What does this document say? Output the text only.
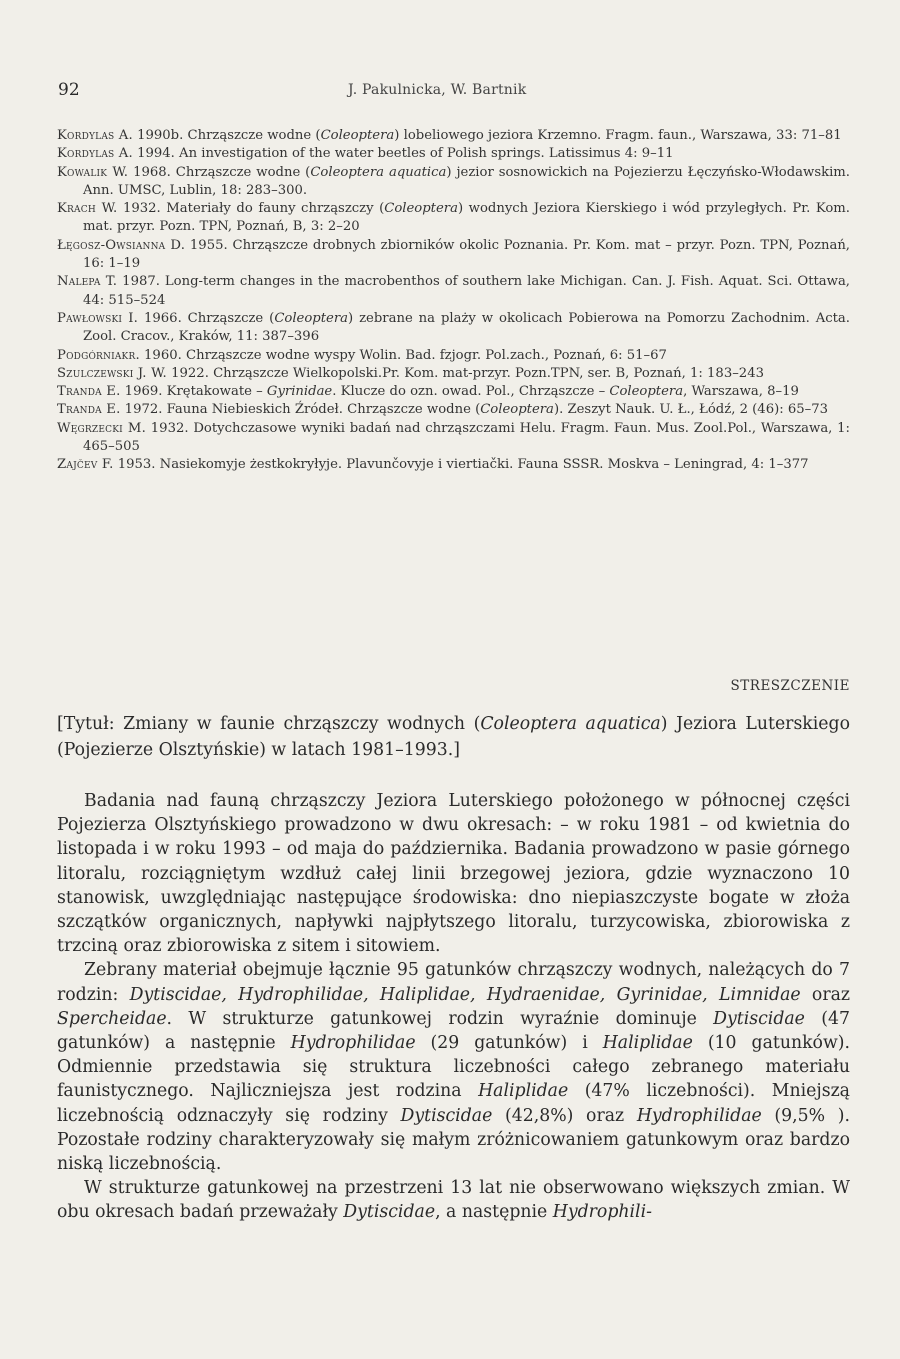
92	J. Pakulnicka, W. Bartnik

Kordylas A. 1990b. Chrząszcze wodne (Coleoptera) lobeliowego jeziora Krzemno. Fragm. faun., Warszawa, 33: 71–81

Kordylas A. 1994. An investigation of the water beetles of Polish springs. Latissimus 4: 9–11

Kowalik W. 1968. Chrząszcze wodne (Coleoptera aquatica) jezior sosnowickich na Pojezierzu Łęczyńsko-Włodawskim. Ann. UMSC, Lublin, 18: 283–300.

Krach W. 1932. Materiały do fauny chrząszczy (Coleoptera) wodnych Jeziora Kierskiego i wód przyległych. Pr. Kom. mat. przyr. Pozn. TPN, Poznań, B, 3: 2–20

Łęgosz-Owsianna D. 1955. Chrząszcze drobnych zbiorników okolic Poznania. Pr. Kom. mat – przyr. Pozn. TPN, Poznań, 16: 1–19

Nalepa T. 1987. Long-term changes in the macrobenthos of southern lake Michigan. Can. J. Fish. Aquat. Sci. Ottawa, 44: 515–524

Pawłowski I. 1966. Chrząszcze (Coleoptera) zebrane na plaży w okolicach Pobierowa na Pomorzu Zachodnim. Acta. Zool. Cracov., Kraków, 11: 387–396

Podgórniakr. 1960. Chrząszcze wodne wyspy Wolin. Bad. fzjogr. Pol.zach., Poznań, 6: 51–67

Szulczewski J. W. 1922. Chrząszcze Wielkopolski.Pr. Kom. mat-przyr. Pozn.TPN, ser. B, Poznań, 1: 183–243

Tranda E. 1969. Krętakowate – Gyrinidae. Klucze do ozn. owad. Pol., Chrząszcze – Coleoptera, Warszawa, 8–19

Tranda E. 1972. Fauna Niebieskich Źródeł. Chrząszcze wodne (Coleoptera). Zeszyt Nauk. U. Ł., Łódź, 2 (46): 65–73

Węgrzecki M. 1932. Dotychczasowe wyniki badań nad chrząszczami Helu. Fragm. Faun. Mus. Zool.Pol., Warszawa, 1: 465–505

Zajčev F. 1953. Nasiekomyje żestkokryłyje. Plavunčovyje i viertiački. Fauna SSSR. Moskva – Leningrad, 4: 1–377

STRESZCZENIE
[Tytuł: Zmiany w faunie chrząszczy wodnych (Coleoptera aquatica) Jeziora Luterskiego (Pojezierze Olsztyńskie) w latach 1981–1993.]

Badania nad fauną chrząszczy Jeziora Luterskiego położonego w północnej części Pojezierza Olsztyńskiego prowadzono w dwu okresach: – w roku 1981 – od kwietnia do listopada i w roku 1993 – od maja do października. Badania prowadzono w pasie górnego litoralu, rozciągniętym wzdłuż całej linii brzegowej jeziora, gdzie wyznaczono 10 stanowisk, uwzględniając następujące środowiska: dno niepiaszczyste bogate w złoża szczątków organicznych, napływki najpłytszego litoralu, turzycowiska, zbiorowiska z trzciną oraz zbiorowiska z sitem i sitowiem.

Zebrany materiał obejmuje łącznie 95 gatunków chrząszczy wodnych, należących do 7 rodzin: Dytiscidae, Hydrophilidae, Haliplidae, Hydraenidae, Gyrinidae, Limnidae oraz Spercheidae. W strukturze gatunkowej rodzin wyraźnie dominuje Dytiscidae (47 gatunków) a następnie Hydrophilidae (29 gatunków) i Haliplidae (10 gatunków). Odmiennie przedstawia się struktura liczebności całego zebranego materiału faunistycznego. Najliczniejsza jest rodzina Haliplidae (47% liczebności). Mniejszą liczebnością odznaczyły się rodziny Dytiscidae (42,8%) oraz Hydrophilidae (9,5% ). Pozostałe rodziny charakteryzowały się małym zróżnicowaniem gatunkowym oraz bardzo niską liczebnością.

W strukturze gatunkowej na przestrzeni 13 lat nie obserwowano większych zmian. W obu okresach badań przeważały Dytiscidae, a następnie Hydrophili-
